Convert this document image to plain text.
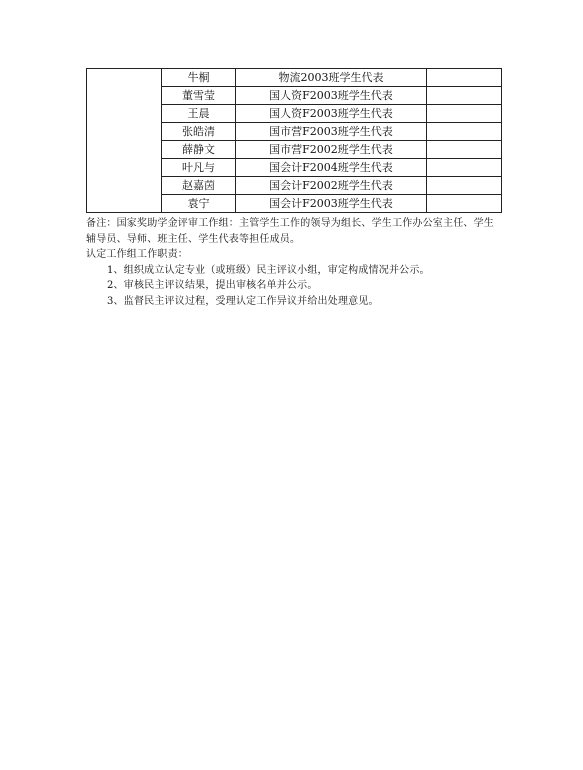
	牛桐	物流2003班学生代表	
	董雪莹	国人资F2003班学生代表	
	王晨	国人资F2003班学生代表	
	张皓清	国市营F2003班学生代表	
	薛静文	国市营F2002班学生代表	
	叶凡与	国会计F2004班学生代表	
	赵嘉茵	国会计F2002班学生代表	
	袁宁	国会计F2003班学生代表	

备注：国家奖助学金评审工作组：主管学生工作的领导为组长、学生工作办公室主任、学生

辅导员、导师、班主任、学生代表等担任成员。

认定工作组工作职责：

1、组织成立认定专业（或班级）民主评议小组，审定构成情况并公示。

2、审核民主评议结果，提出审核名单并公示。

3、监督民主评议过程，受理认定工作异议并给出处理意见。
